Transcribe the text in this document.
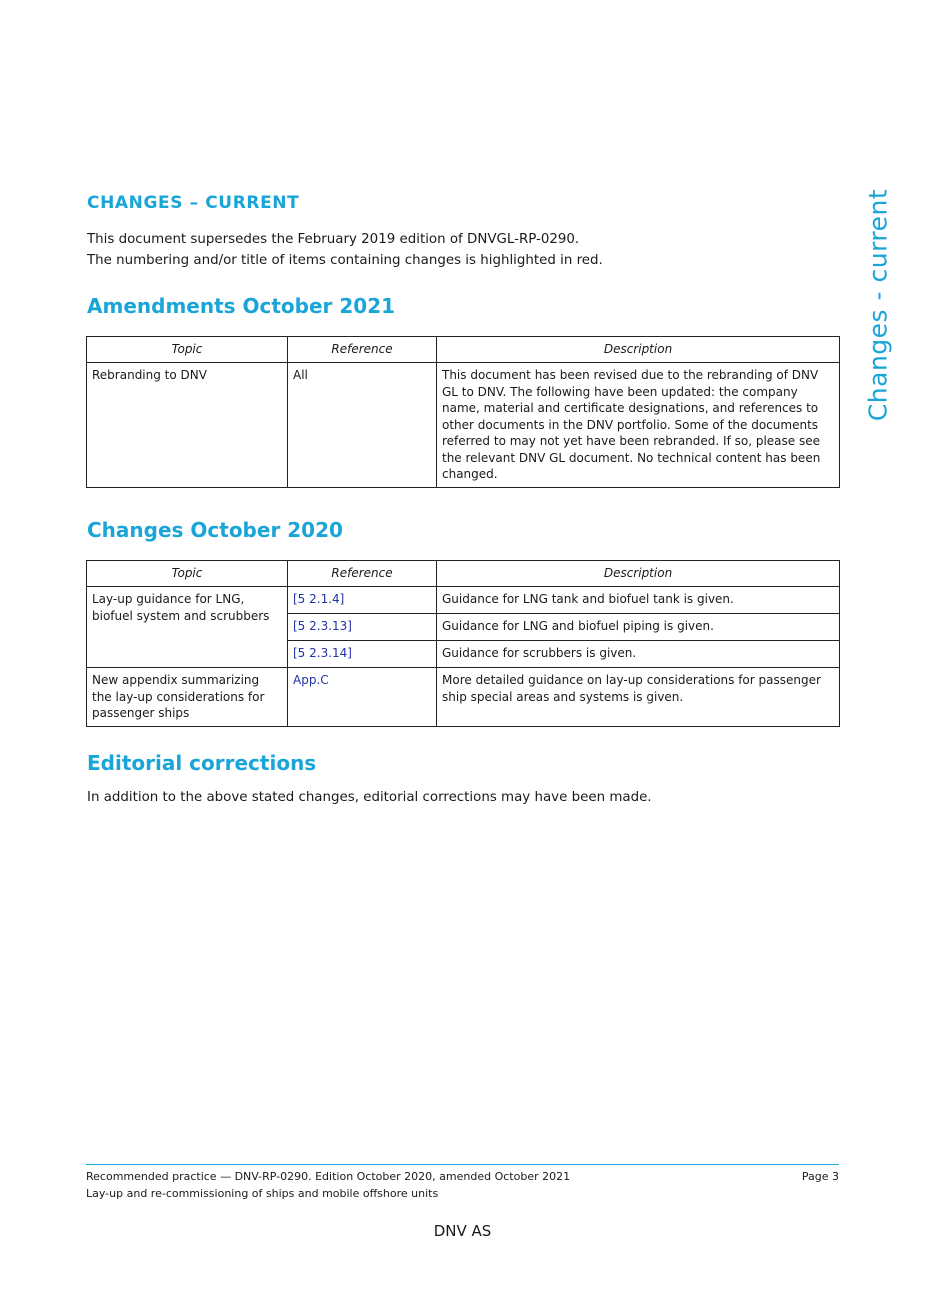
CHANGES – CURRENT

This document supersedes the February 2019 edition of DNVGL-RP-0290.

The numbering and/or title of items containing changes is highlighted in red.

Amendments October 2021
Topic	Reference	Description
Rebranding to DNV	All	This document has been revised due to the rebranding of DNV GL to DNV. The following have been updated: the company name, material and certificate designations, and references to other documents in the DNV portfolio. Some of the documents referred to may not yet have been rebranded. If so, please see the relevant DNV GL document. No technical content has been changed.
Changes October 2020
Topic	Reference	Description
Lay-up guidance for LNG, biofuel system and scrubbers	[5 2.1.4]	Guidance for LNG tank and biofuel tank is given.
	[5 2.3.13]	Guidance for LNG and biofuel piping is given.
	[5 2.3.14]	Guidance for scrubbers is given.
New appendix summarizing the lay-up considerations for passenger ships	App.C	More detailed guidance on lay-up considerations for passenger ship special areas and systems is given.
Editorial corrections

In addition to the above stated changes, editorial corrections may have been made.

Changes - current

Recommended practice — DNV-RP-0290. Edition October 2020, amended October 2021

Lay-up and re-commissioning of ships and mobile offshore units

Page 3

DNV AS
